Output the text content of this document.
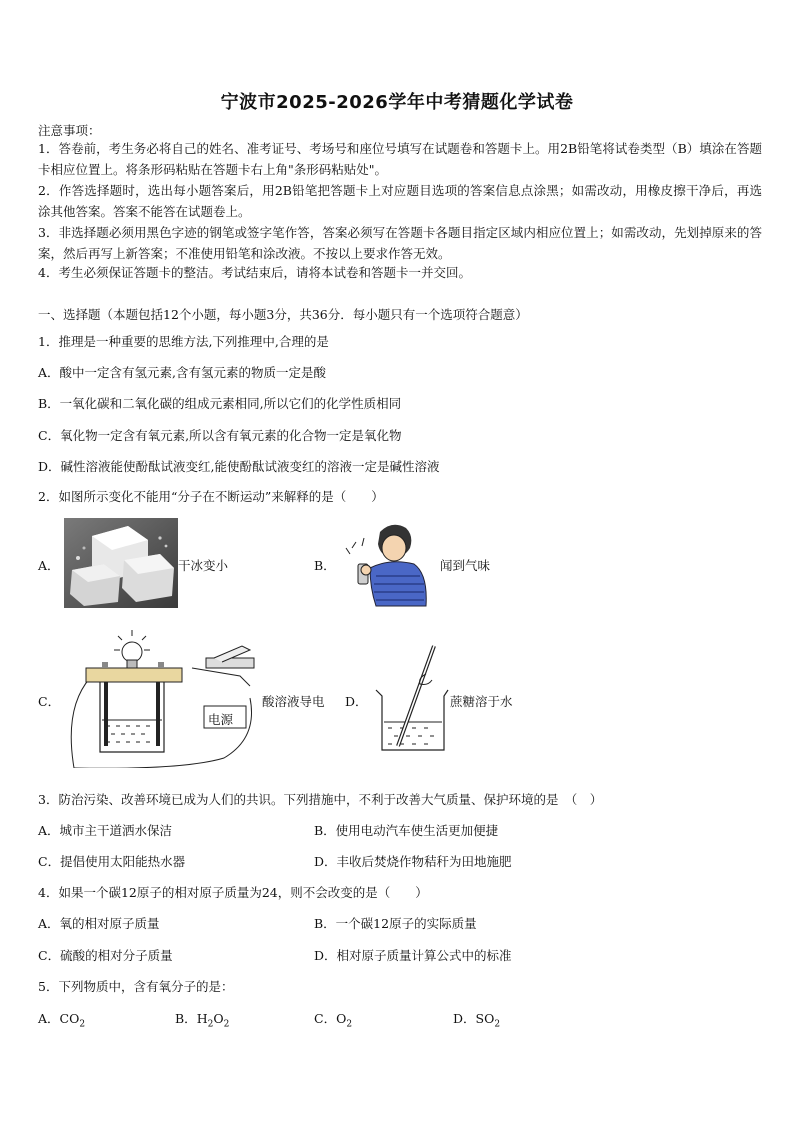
宁波市2025-2026学年中考猜题化学试卷
注意事项：
1．答卷前，考生务必将自己的姓名、准考证号、考场号和座位号填写在试题卷和答题卡上。用2B铅笔将试卷类型（B）填涂在答题卡相应位置上。将条形码粘贴在答题卡右上角"条形码粘贴处"。
2．作答选择题时，选出每小题答案后，用2B铅笔把答题卡上对应题目选项的答案信息点涂黑；如需改动，用橡皮擦干净后，再选涂其他答案。答案不能答在试题卷上。
3．非选择题必须用黑色字迹的钢笔或签字笔作答，答案必须写在答题卡各题目指定区域内相应位置上；如需改动，先划掉原来的答案，然后再写上新答案；不准使用铅笔和涂改液。不按以上要求作答无效。
4．考生必须保证答题卡的整洁。考试结束后，请将本试卷和答题卡一并交回。
一、选择题（本题包括12个小题，每小题3分，共36分．每小题只有一个选项符合题意）
1．推理是一种重要的思维方法,下列推理中,合理的是
A．酸中一定含有氢元素,含有氢元素的物质一定是酸
B．一氧化碳和二氧化碳的组成元素相同,所以它们的化学性质相同
C．氧化物一定含有氧元素,所以含有氧元素的化合物一定是氧化物
D．碱性溶液能使酚酞试液变红,能使酚酞试液变红的溶液一定是碱性溶液
2．如图所示变化不能用“分子在不断运动”来解释的是（　　）
A．	干冰变小	B．	闻到气味
C．
电源
酸溶液导电 D．	蔗糖溶于水
3．防治污染、改善环境已成为人们的共识。下列措施中，不利于改善大气质量、保护环境的是　（　）
A．城市主干道洒水保洁	B．使用电动汽车使生活更加便捷
C．提倡使用太阳能热水器	D．丰收后焚烧作物秸秆为田地施肥
4．如果一个碳12原子的相对原子质量为24，则不会改变的是（　　）
A．氧的相对原子质量	B．一个碳12原子的实际质量
C．硫酸的相对分子质量	D．相对原子质量计算公式中的标准
5．下列物质中，含有氧分子的是：
A．$CO_2$	B．$H_2O_2$	C．$O_2$	D．$SO_2$
